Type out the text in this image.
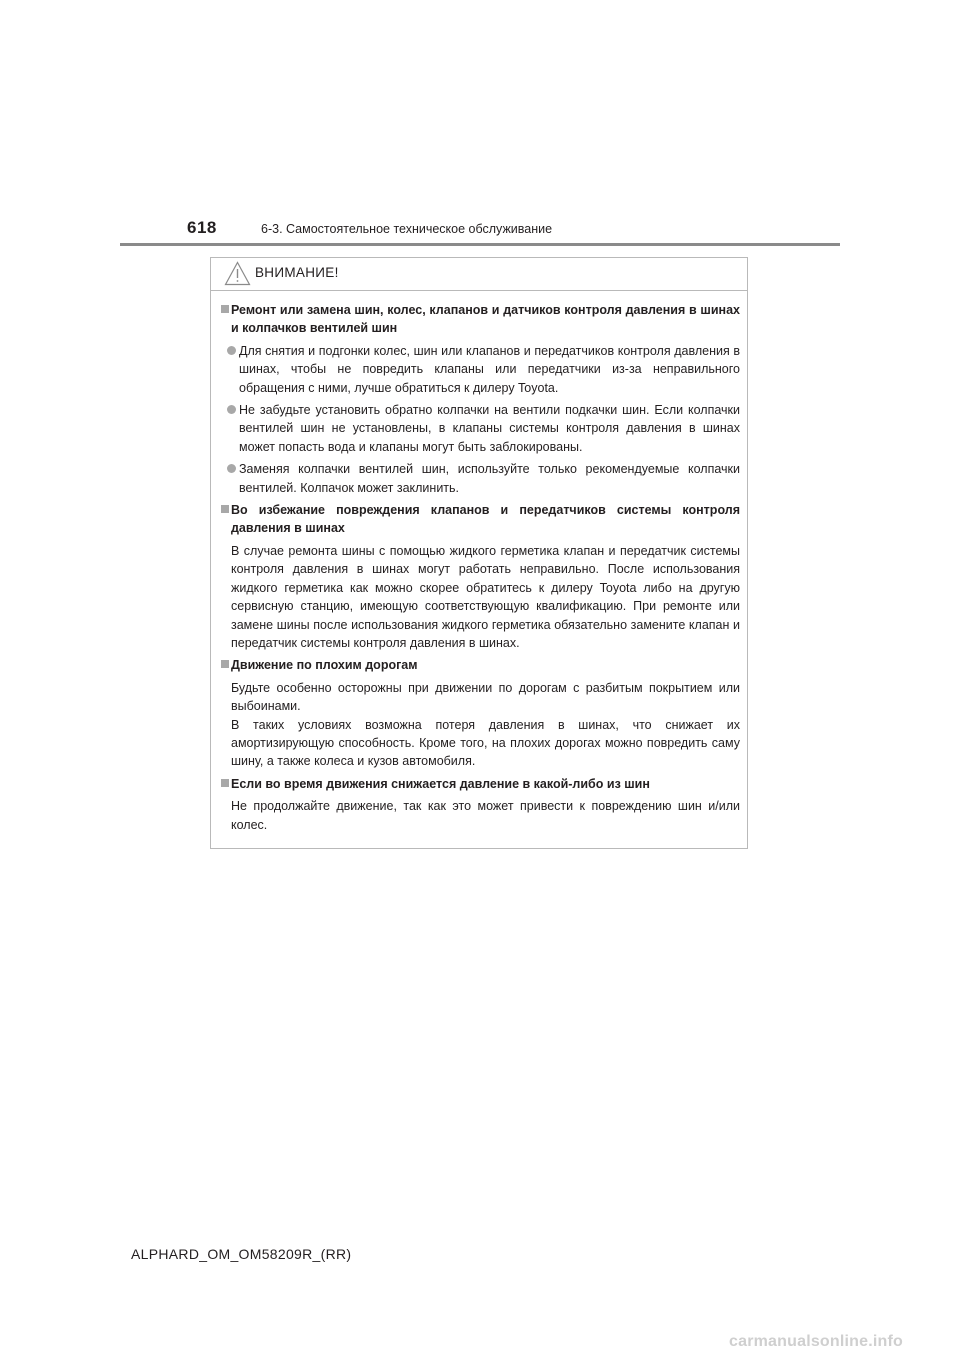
618	6-3. Самостоятельное техническое обслуживание
ВНИМАНИЕ!
Ремонт или замена шин, колес, клапанов и датчиков контроля давления в шинах и колпачков вентилей шин
Для снятия и подгонки колес, шин или клапанов и передатчиков контроля давления в шинах, чтобы не повредить клапаны или передатчики из-за неправильного обращения с ними, лучше обратиться к дилеру Toyota.
Не забудьте установить обратно колпачки на вентили подкачки шин. Если колпачки вентилей шин не установлены, в клапаны системы контроля давления в шинах может попасть вода и клапаны могут быть заблокированы.
Заменяя колпачки вентилей шин, используйте только рекомендуемые колпачки вентилей. Колпачок может заклинить.
Во избежание повреждения клапанов и передатчиков системы контроля давления в шинах
В случае ремонта шины с помощью жидкого герметика клапан и передатчик системы контроля давления в шинах могут работать неправильно. После использования жидкого герметика как можно скорее обратитесь к дилеру Toyota либо на другую сервисную станцию, имеющую соответствующую квалификацию. При ремонте или замене шины после использования жидкого герметика обязательно замените клапан и передатчик системы контроля давления в шинах.
Движение по плохим дорогам
Будьте особенно осторожны при движении по дорогам с разбитым покрытием или выбоинами.
В таких условиях возможна потеря давления в шинах, что снижает их амортизирующую способность. Кроме того, на плохих дорогах можно повредить саму шину, а также колеса и кузов автомобиля.
Если во время движения снижается давление в какой-либо из шин
Не продолжайте движение, так как это может привести к повреждению шин и/или колес.
ALPHARD_OM_OM58209R_(RR)
carmanualsonline.info
